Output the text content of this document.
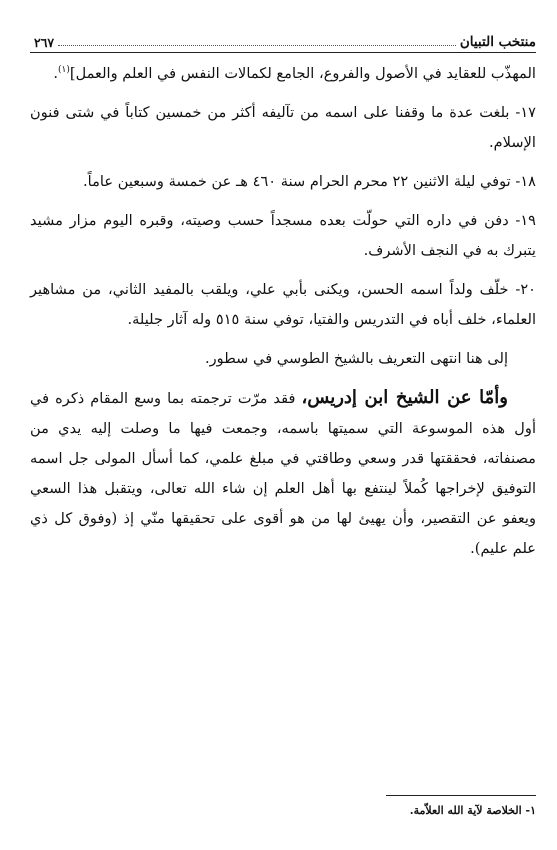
منتخب التبيان
٢٦٧

المهذّب للعقايد في الأصول والفروع، الجامع لكمالات النفس في العلم والعمل]$^{(١)}$.

١٧- بلغت عدة ما وقفنا على اسمه من تآليفه أكثر من خمسين كتاباً في شتى فنون الإسلام.

١٨- توفي ليلة الاثنين ٢٢ محرم الحرام سنة ٤٦٠ هـ عن خمسة وسبعين عاماً.

١٩- دفن في داره التي حولّت بعده مسجداً حسب وصيته، وقبره اليوم مزار مشيد يتبرك به في النجف الأشرف.

٢٠- خلّف ولداً اسمه الحسن، ويكنى بأبي علي، ويلقب بالمفيد الثاني، من مشاهير العلماء، خلف أباه في التدريس والفتيا، توفي سنة ٥١٥ وله آثار جليلة.

إلى هنا انتهى التعريف بالشيخ الطوسي في سطور.

وأمّا عن الشيخ ابن إدريس، فقد مرّت ترجمته بما وسع المقام ذكره في أول هذه الموسوعة التي سميتها باسمه، وجمعت فيها ما وصلت إليه يدي من مصنفاته، فحققتها قدر وسعي وطاقتي في مبلغ علمي، كما أسأل المولى جل اسمه التوفيق لإخراجها كُملاً لينتفع بها أهل العلم إن شاء الله تعالى، ويتقبل هذا السعي ويعفو عن التقصير، وأن يهيئ لها من هو أقوى على تحقيقها منّي إذ (وفوق كل ذي علم عليم).

١- الخلاصة لآية الله العلاّمة.
